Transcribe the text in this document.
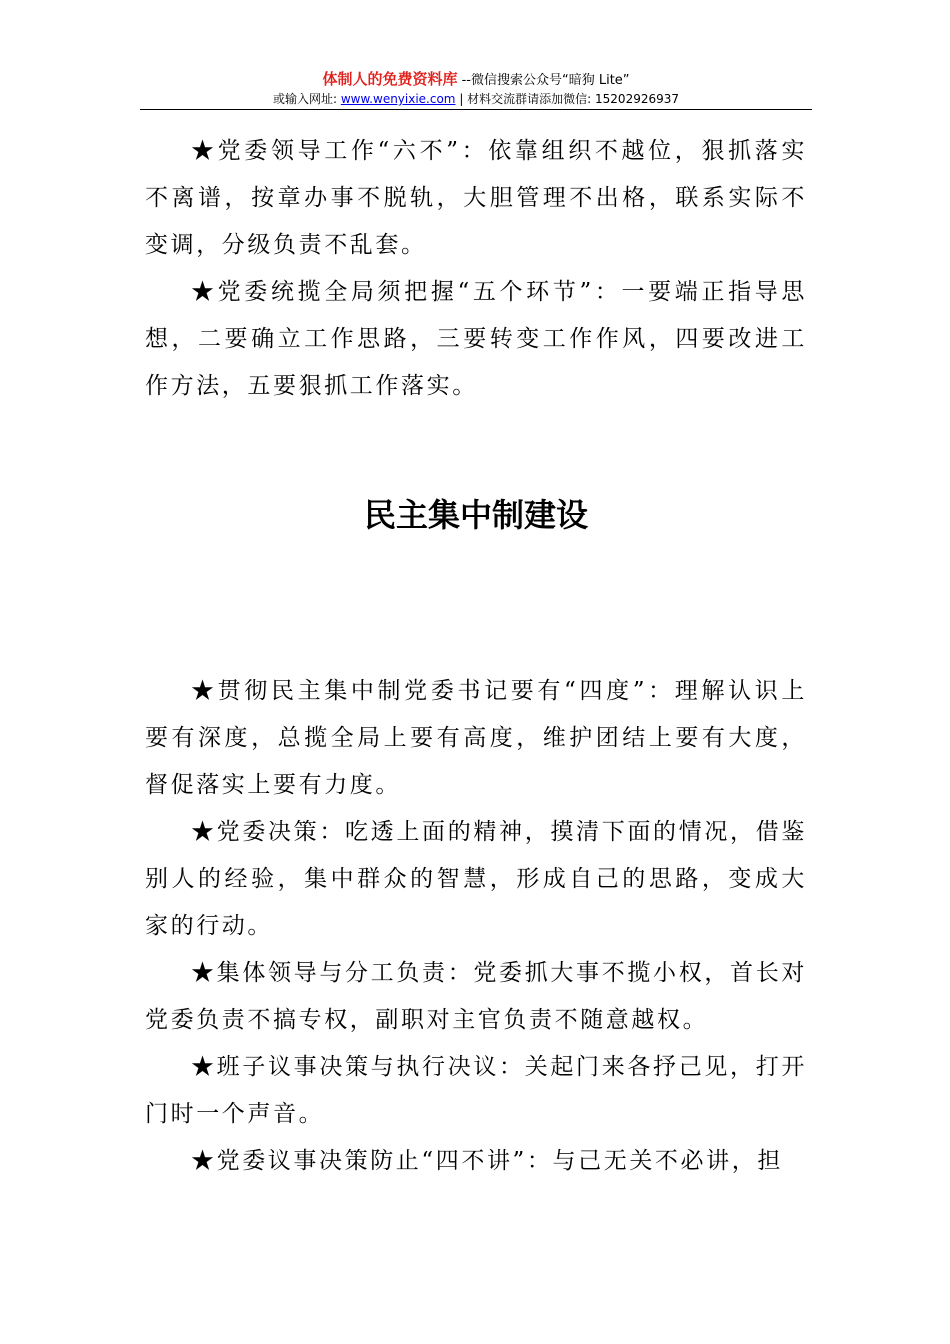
体制人的免费资料库 --微信搜索公众号“暗狗 Lite”
或输入网址: www.wenyixie.com | 材料交流群请添加微信: 15202926937

★党委领导工作“六不”：依靠组织不越位，狠抓落实不离谱，按章办事不脱轨，大胆管理不出格，联系实际不变调，分级负责不乱套。

★党委统揽全局须把握“五个环节”：一要端正指导思想，二要确立工作思路，三要转变工作作风，四要改进工作方法，五要狠抓工作落实。

民主集中制建设

★贯彻民主集中制党委书记要有“四度”：理解认识上要有深度，总揽全局上要有高度，维护团结上要有大度，督促落实上要有力度。

★党委决策：吃透上面的精神，摸清下面的情况，借鉴别人的经验，集中群众的智慧，形成自己的思路，变成大家的行动。

★集体领导与分工负责：党委抓大事不揽小权，首长对党委负责不搞专权，副职对主官负责不随意越权。

★班子议事决策与执行决议：关起门来各抒己见，打开门时一个声音。

★党委议事决策防止“四不讲”：与己无关不必讲，担
